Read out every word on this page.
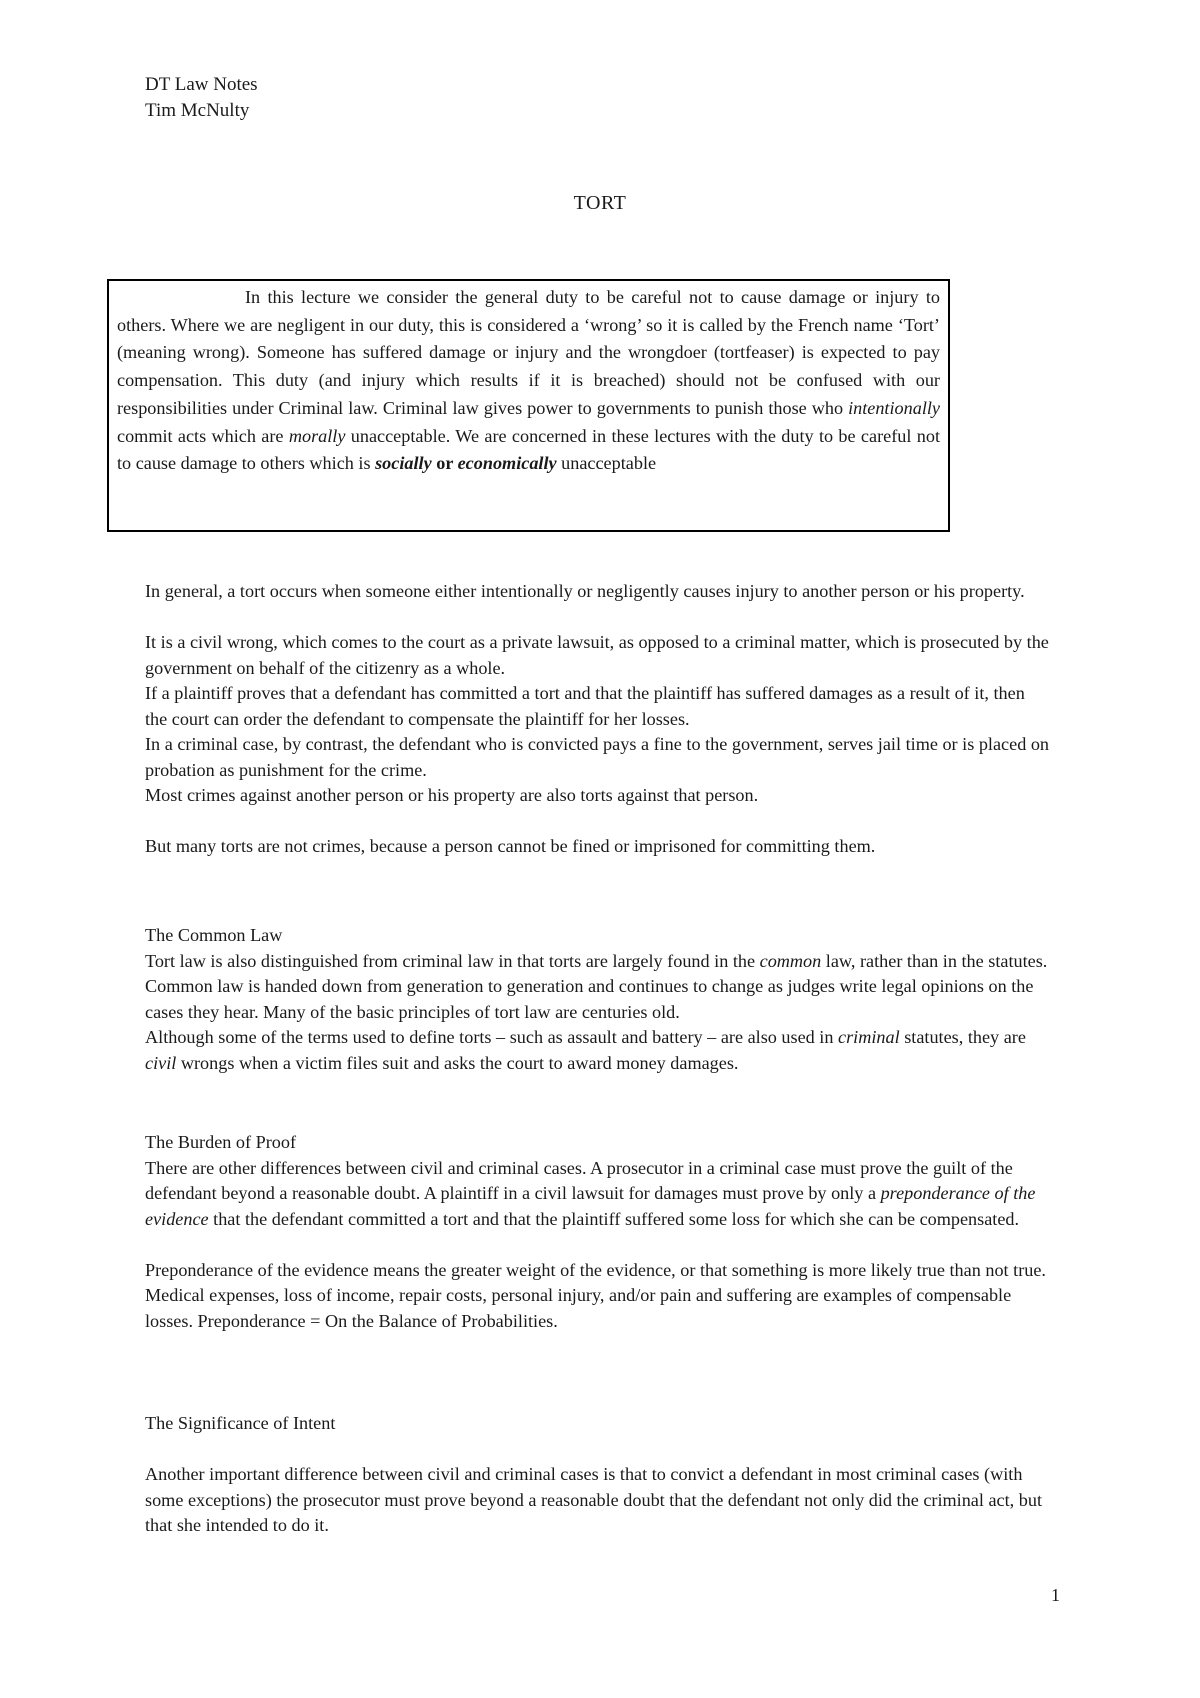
DT Law Notes
Tim McNulty
TORT

In this lecture we consider the general duty to be careful not to cause damage or injury to others. Where we are negligent in our duty, this is considered a ‘wrong’ so it is called by the French name ‘Tort’ (meaning wrong). Someone has suffered damage or injury and the wrongdoer (tortfeaser) is expected to pay compensation. This duty (and injury which results if it is breached) should not be confused with our responsibilities under Criminal law. Criminal law gives power to governments to punish those who intentionally commit acts which are morally unacceptable. We are concerned in these lectures with the duty to be careful not to cause damage to others which is socially or economically unacceptable

In general, a tort occurs when someone either intentionally or negligently causes injury to another person or his property.

It is a civil wrong, which comes to the court as a private lawsuit, as opposed to a criminal matter, which is prosecuted by the government on behalf of the citizenry as a whole.

If a plaintiff proves that a defendant has committed a tort and that the plaintiff has suffered damages as a result of it, then the court can order the defendant to compensate the plaintiff for her losses.

In a criminal case, by contrast, the defendant who is convicted pays a fine to the government, serves jail time or is placed on probation as punishment for the crime.

Most crimes against another person or his property are also torts against that person.

But many torts are not crimes, because a person cannot be fined or imprisoned for committing them.

The Common Law

Tort law is also distinguished from criminal law in that torts are largely found in the common law, rather than in the statutes. Common law is handed down from generation to generation and continues to change as judges write legal opinions on the cases they hear. Many of the basic principles of tort law are centuries old.

Although some of the terms used to define torts – such as assault and battery – are also used in criminal statutes, they are civil wrongs when a victim files suit and asks the court to award money damages.

The Burden of Proof

There are other differences between civil and criminal cases. A prosecutor in a criminal case must prove the guilt of the defendant beyond a reasonable doubt. A plaintiff in a civil lawsuit for damages must prove by only a preponderance of the evidence that the defendant committed a tort and that the plaintiff suffered some loss for which she can be compensated.

Preponderance of the evidence means the greater weight of the evidence, or that something is more likely true than not true. Medical expenses, loss of income, repair costs, personal injury, and/or pain and suffering are examples of compensable losses. Preponderance = On the Balance of Probabilities.

The Significance of Intent

Another important difference between civil and criminal cases is that to convict a defendant in most criminal cases (with some exceptions) the prosecutor must prove beyond a reasonable doubt that the defendant not only did the criminal act, but that she intended to do it.

1
